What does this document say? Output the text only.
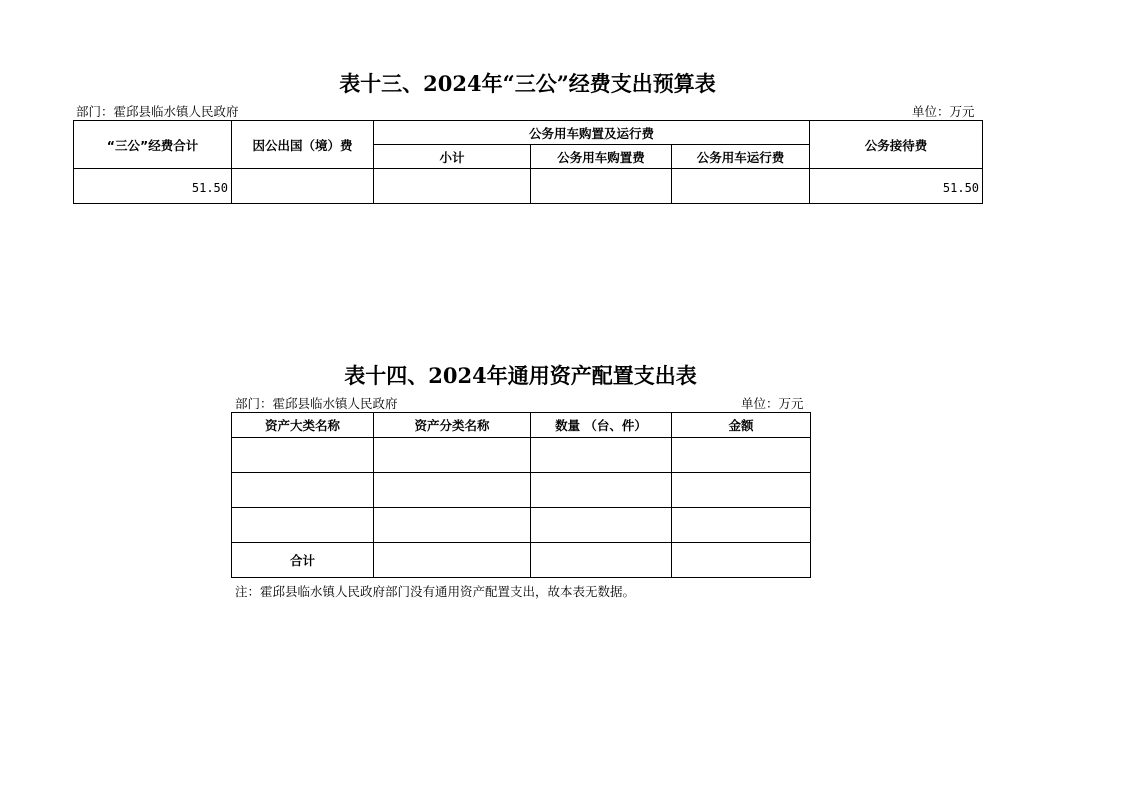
表十三、2024年“三公”经费支出预算表
部门：霍邱县临水镇人民政府	单位：万元
“三公”经费合计	因公出国（境）费	公务用车购置及运行费			公务接待费
		小计	公务用车购置费	公务用车运行费	
51.50					51.50
表十四、2024年通用资产配置支出表
部门：霍邱县临水镇人民政府	单位：万元
资产大类名称	资产分类名称	数量 （台、件）	金额

合计			
注：霍邱县临水镇人民政府部门没有通用资产配置支出，故本表无数据。
